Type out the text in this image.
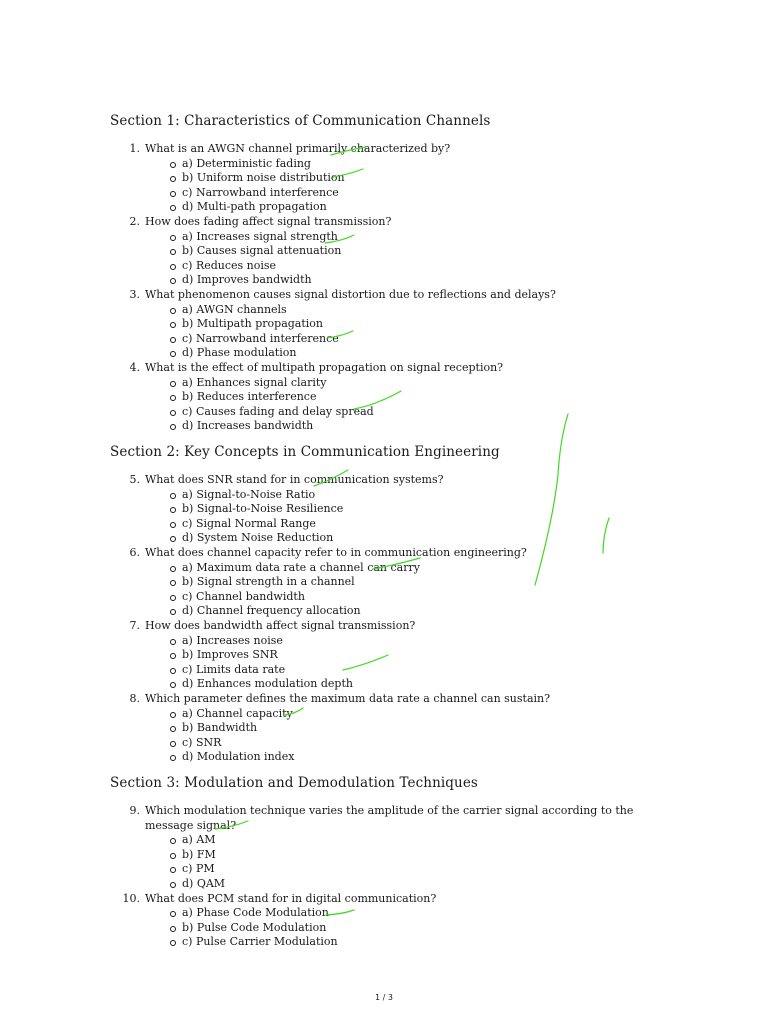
Section 1: Characteristics of Communication Channels
1. What is an AWGN channel primarily characterized by?
a) Deterministic fading
b) Uniform noise distribution
c) Narrowband interference
d) Multi-path propagation
2. How does fading affect signal transmission?
a) Increases signal strength
b) Causes signal attenuation
c) Reduces noise
d) Improves bandwidth
3. What phenomenon causes signal distortion due to reflections and delays?
a) AWGN channels
b) Multipath propagation
c) Narrowband interference
d) Phase modulation
4. What is the effect of multipath propagation on signal reception?
a) Enhances signal clarity
b) Reduces interference
c) Causes fading and delay spread
d) Increases bandwidth
Section 2: Key Concepts in Communication Engineering
5. What does SNR stand for in communication systems?
a) Signal-to-Noise Ratio
b) Signal-to-Noise Resilience
c) Signal Normal Range
d) System Noise Reduction
6. What does channel capacity refer to in communication engineering?
a) Maximum data rate a channel can carry
b) Signal strength in a channel
c) Channel bandwidth
d) Channel frequency allocation
7. How does bandwidth affect signal transmission?
a) Increases noise
b) Improves SNR
c) Limits data rate
d) Enhances modulation depth
8. Which parameter defines the maximum data rate a channel can sustain?
a) Channel capacity
b) Bandwidth
c) SNR
d) Modulation index
Section 3: Modulation and Demodulation Techniques
9. Which modulation technique varies the amplitude of the carrier signal according to the message signal?
a) AM
b) FM
c) PM
d) QAM
10. What does PCM stand for in digital communication?
a) Phase Code Modulation
b) Pulse Code Modulation
c) Pulse Carrier Modulation
1 / 3
